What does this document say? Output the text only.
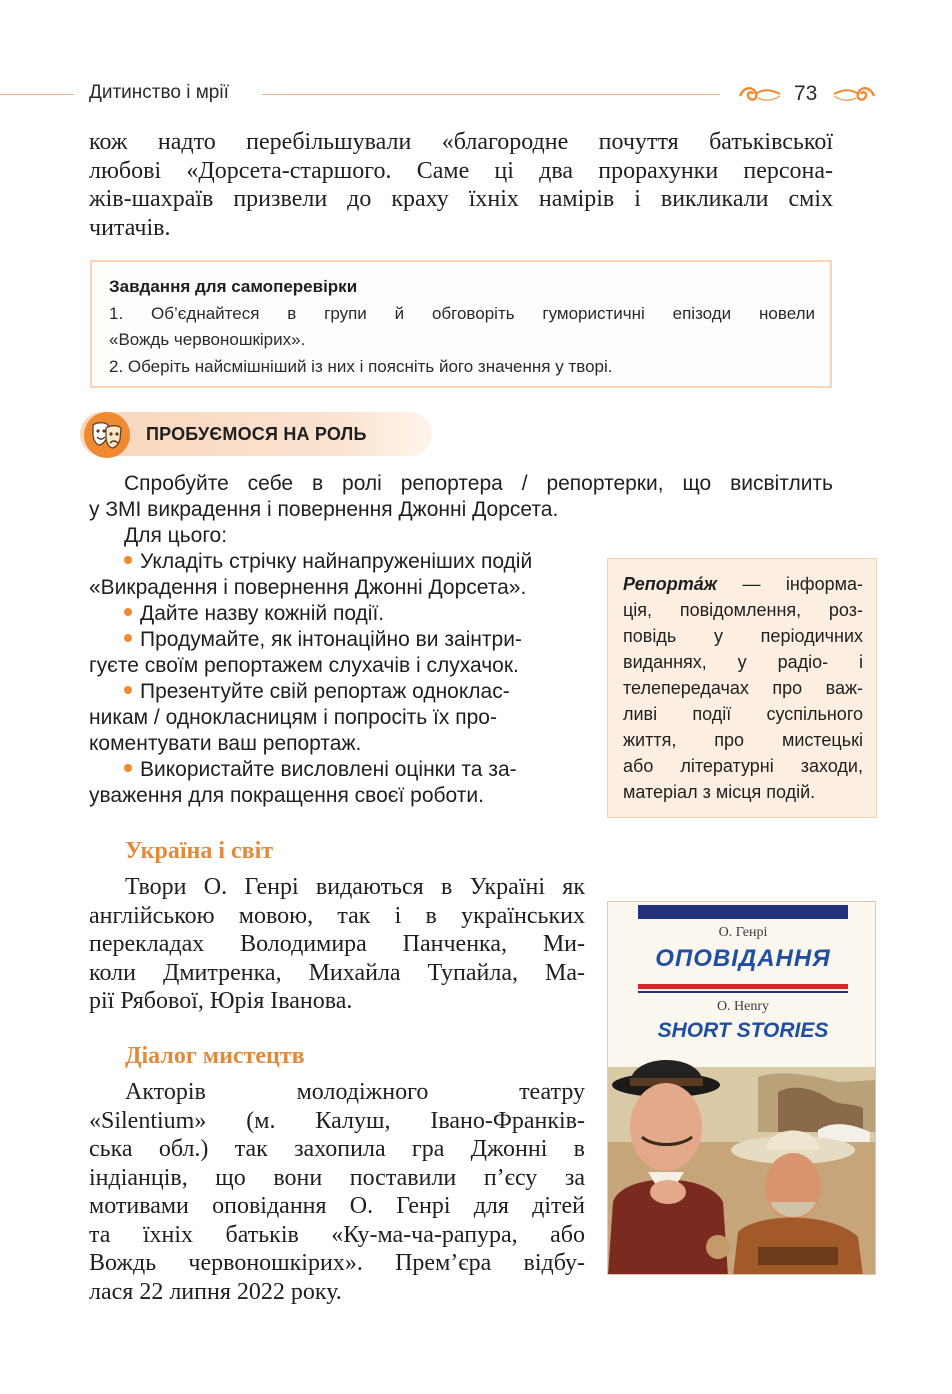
Дитинство і мрії	73
кож надто перебільшували «благородне почуття батьківської
любові «Дорсета-старшого. Саме ці два прорахунки персона-
жів-шахраїв призвели до краху їхніх намірів і викликали сміх
читачів.
Завдання для самоперевірки
1. Об’єднайтеся в групи й обговоріть гумористичні епізоди новели
«Вождь червоношкірих».
2. Оберіть найсмішніший із них і поясніть його значення у творі.
ПРОБУЄМОСЯ НА РОЛЬ
Спробуйте себе в ролі репортера / репортерки, що висвітлить
у ЗМІ викрадення і повернення Джонні Дорсета.
Для цього:
Укладіть стрічку найнапруженіших подій
«Викрадення і повернення Джонні Дорсета».
Дайте назву кожній події.
Продумайте, як інтонаційно ви заінтри-
гуєте своїм репортажем слухачів і слухачок.
Презентуйте свій репортаж одноклас-
никам / однокласницям і попросіть їх про-
коментувати ваш репортаж.
Використайте висловлені оцінки та за-
уваження для покращення своєї роботи.
Репорта́ж — інформа-
ція, повідомлення, роз-
повідь у періодичних
виданнях, у радіо- і
телепередачах про важ-
ливі події суспільного
життя, про мистецькі
або літературні заходи,
матеріал з місця подій.
Україна і світ
Твори О. Генрі видаються в Україні як
англійською мовою, так і в українських
перекладах Володимира Панченка, Ми-
коли Дмитренка, Михайла Тупайла, Ма-
рії Рябової, Юрія Іванова.
Діалог мистецтв
Акторів молодіжного театру
«Silentium» (м. Калуш, Івано-Франків-
ська обл.) так захопила гра Джонні в
індіанців, що вони поставили п’єсу за
мотивами оповідання О. Генрі для дітей
та їхніх батьків «Ку-ма-ча-рапура, або
Вождь червоношкірих». Прем’єра відбу-
лася 22 липня 2022 року.
О. Генрі
ОПОВІДАННЯ
O. Henry
SHORT STORIES
